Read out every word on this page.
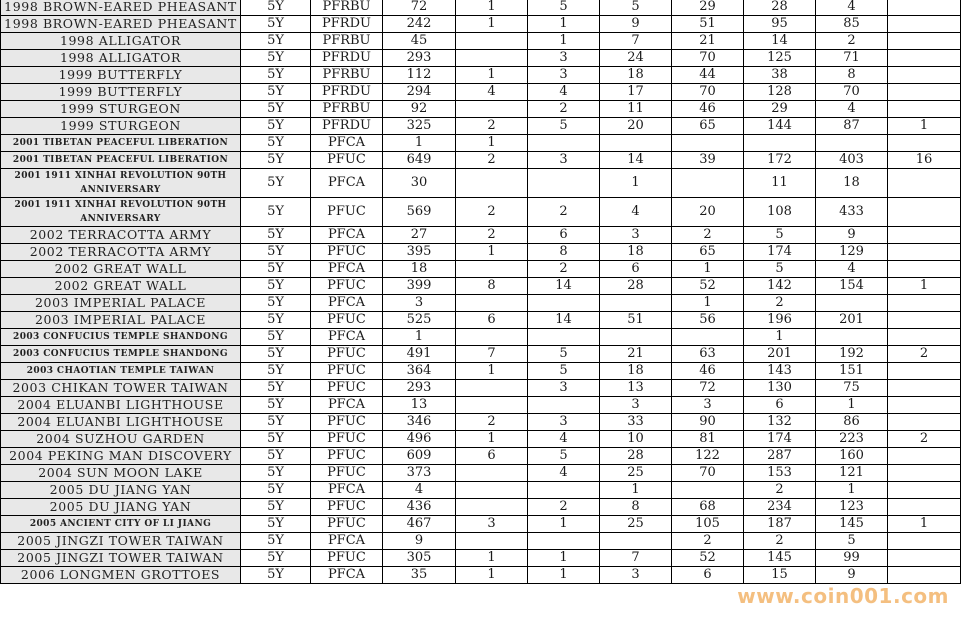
1998 BROWN-EARED PHEASANT	5Y	PFRBU	72	1	5	5	29	28	4	
1998 BROWN-EARED PHEASANT	5Y	PFRDU	242	1	1	9	51	95	85	
1998 ALLIGATOR	5Y	PFRBU	45		1	7	21	14	2	
1998 ALLIGATOR	5Y	PFRDU	293		3	24	70	125	71	
1999 BUTTERFLY	5Y	PFRBU	112	1	3	18	44	38	8	
1999 BUTTERFLY	5Y	PFRDU	294	4	4	17	70	128	70	
1999 STURGEON	5Y	PFRBU	92		2	11	46	29	4	
1999 STURGEON	5Y	PFRDU	325	2	5	20	65	144	87	1
2001 TIBETAN PEACEFUL LIBERATION	5Y	PFCA	1	1						
2001 TIBETAN PEACEFUL LIBERATION	5Y	PFUC	649	2	3	14	39	172	403	16
2001 1911 XINHAI REVOLUTION 90TH ANNIVERSARY	5Y	PFCA	30			1		11	18	
2001 1911 XINHAI REVOLUTION 90TH ANNIVERSARY	5Y	PFUC	569	2	2	4	20	108	433	
2002 TERRACOTTA ARMY	5Y	PFCA	27	2	6	3	2	5	9	
2002 TERRACOTTA ARMY	5Y	PFUC	395	1	8	18	65	174	129	
2002 GREAT WALL	5Y	PFCA	18		2	6	1	5	4	
2002 GREAT WALL	5Y	PFUC	399	8	14	28	52	142	154	1
2003 IMPERIAL PALACE	5Y	PFCA	3				1	2		
2003 IMPERIAL PALACE	5Y	PFUC	525	6	14	51	56	196	201	
2003 CONFUCIUS TEMPLE SHANDONG	5Y	PFCA	1					1		
2003 CONFUCIUS TEMPLE SHANDONG	5Y	PFUC	491	7	5	21	63	201	192	2
2003 CHAOTIAN TEMPLE TAIWAN	5Y	PFUC	364	1	5	18	46	143	151	
2003 CHIKAN TOWER TAIWAN	5Y	PFUC	293		3	13	72	130	75	
2004 ELUANBI LIGHTHOUSE	5Y	PFCA	13			3	3	6	1	
2004 ELUANBI LIGHTHOUSE	5Y	PFUC	346	2	3	33	90	132	86	
2004 SUZHOU GARDEN	5Y	PFUC	496	1	4	10	81	174	223	2
2004 PEKING MAN DISCOVERY	5Y	PFUC	609	6	5	28	122	287	160	
2004 SUN MOON LAKE	5Y	PFUC	373		4	25	70	153	121	
2005 DU JIANG YAN	5Y	PFCA	4			1		2	1	
2005 DU JIANG YAN	5Y	PFUC	436		2	8	68	234	123	
2005 ANCIENT CITY OF LI JIANG	5Y	PFUC	467	3	1	25	105	187	145	1
2005 JINGZI TOWER TAIWAN	5Y	PFCA	9				2	2	5	
2005 JINGZI TOWER TAIWAN	5Y	PFUC	305	1	1	7	52	145	99	
2006 LONGMEN GROTTOES	5Y	PFCA	35	1	1	3	6	15	9	
www.coin001.com
